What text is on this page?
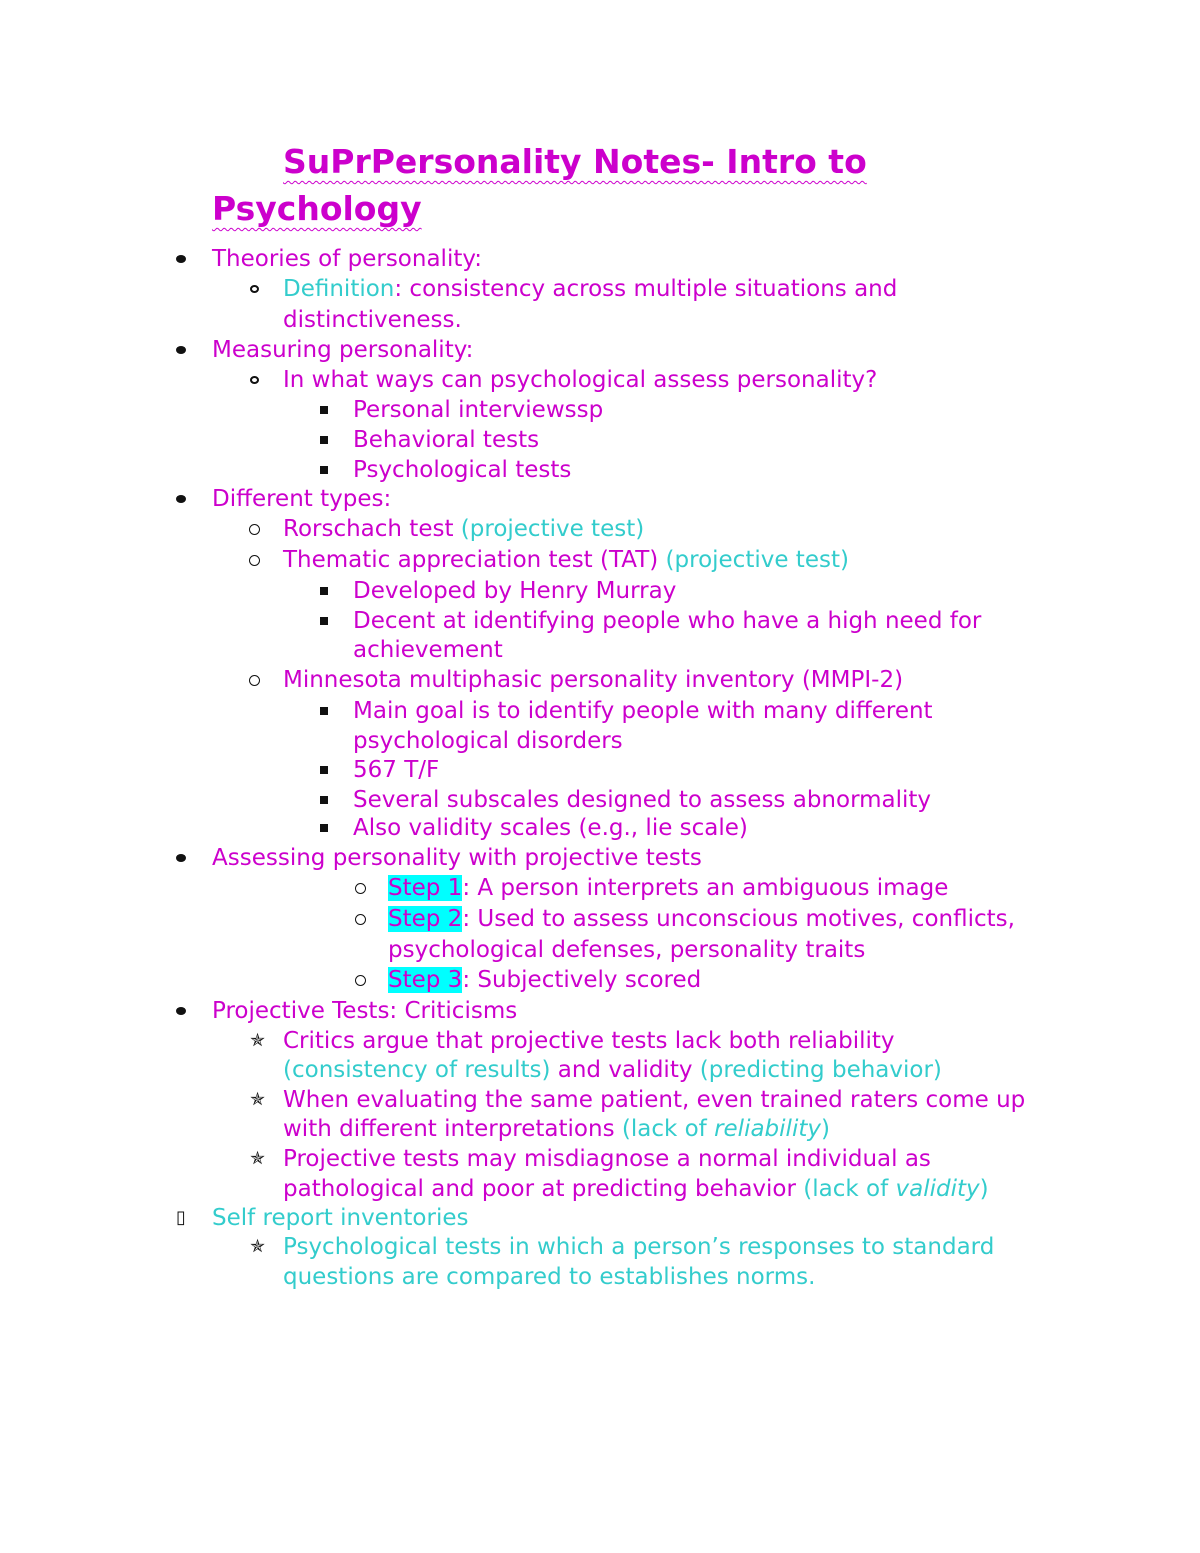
SuPrPersonality Notes- Intro to
Psychology
Theories of personality:
Definition: consistency across multiple situations and
distinctiveness.
Measuring personality:
In what ways can psychological assess personality?
Personal interviewssp
Behavioral tests
Psychological tests
Different types:
Rorschach test (projective test)
Thematic appreciation test (TAT) (projective test)
Developed by Henry Murray
Decent at identifying people who have a high need for
achievement
Minnesota multiphasic personality inventory (MMPI-2)
Main goal is to identify people with many different
psychological disorders
567 T/F
Several subscales designed to assess abnormality
Also validity scales (e.g., lie scale)
Assessing personality with projective tests
Step 1: A person interprets an ambiguous image
Step 2: Used to assess unconscious motives, conflicts,
psychological defenses, personality traits
Step 3: Subjectively scored
Projective Tests: Criticisms
✯ Critics argue that projective tests lack both reliability
(consistency of results) and validity (predicting behavior)
✯ When evaluating the same patient, even trained raters come up
with different interpretations (lack of reliability)
✯ Projective tests may misdiagnose a normal individual as
pathological and poor at predicting behavior (lack of validity)
▯ Self report inventories
✯ Psychological tests in which a person’s responses to standard
questions are compared to establishes norms.
